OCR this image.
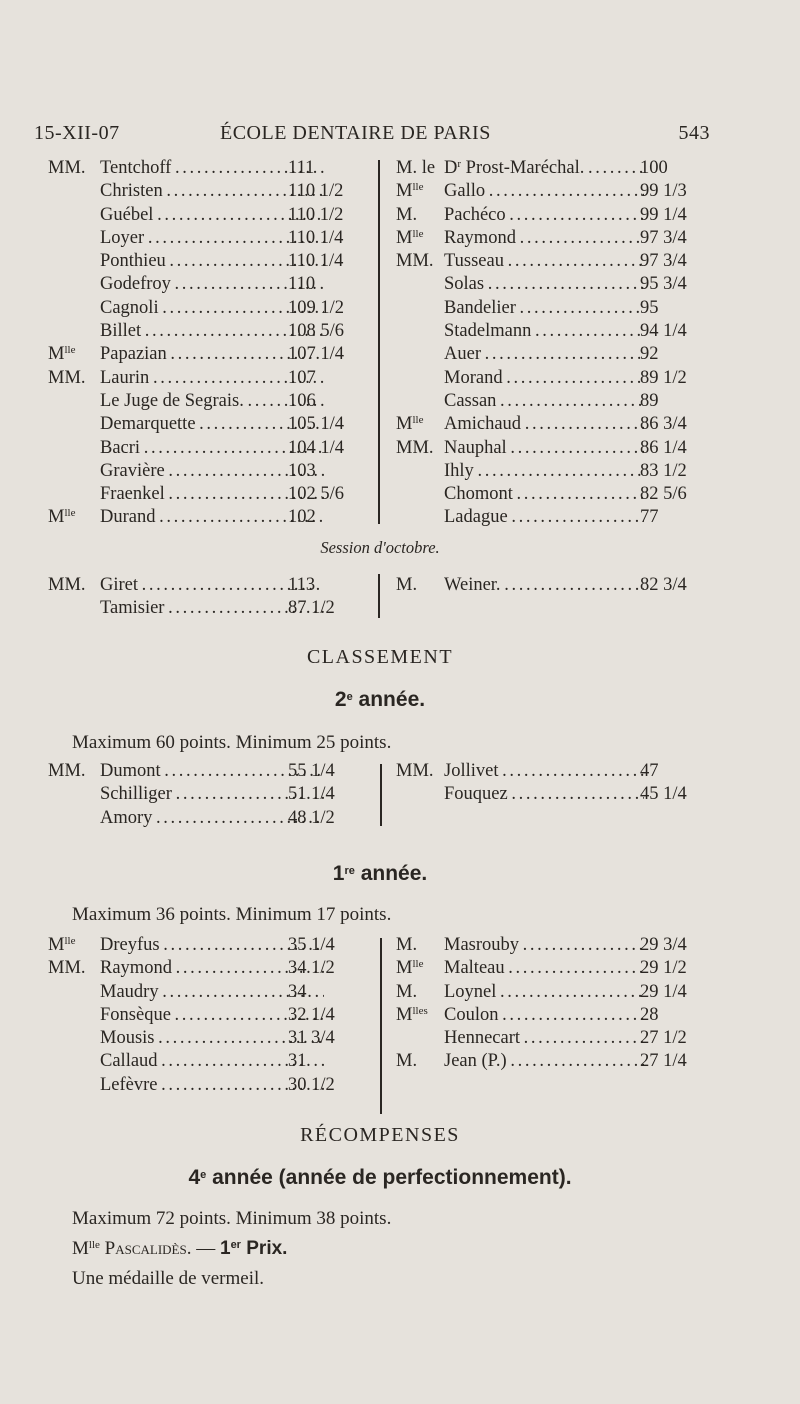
15-XII-07	ÉCOLE DENTAIRE DE PARIS	543
MM. Tentchoff . . .	111
Christen . . .	110 1/2
Guébel . . .	110 1/2
Loyer . . .	110 1/4
Ponthieu . . .	110 1/4
Godefroy . . .	110
Cagnoli . . .	109 1/2
Billet . . .	108 5/6
$M^{lle}$ Papazian . . .	107 1/4
MM. Laurin . . .	107
Le Juge de Segrais. . . .	106
Demarquette . . .	105 1/4
Bacri . . .	104 1/4
Gravière . . .	103
Fraenkel . . .	102 5/6
$M^{lle}$ Durand . . .	102
M. le $D^r$ Prost-Maréchal. . . .	100
$M^{lle}$ Gallo . . .	99 1/3
M. Pachéco . . .	99 1/4
$M^{lle}$ Raymond . . .	97 3/4
MM. Tusseau . . .	97 3/4
Solas . . .	95 3/4
Bandelier . . .	95
Stadelmann . . .	94 1/4
Auer . . .	92
Morand . . .	89 1/2
Cassan . . .	89
$M^{lle}$ Amichaud . . .	86 3/4
MM. Nauphal . . .	86 1/4
Ihly . . .	83 1/2
Chomont . . .	82 5/6
Ladague . . .	77
Session d'octobre.
MM. Giret . . .	113
Tamisier . . .	87 1/2
M. Weiner. . . .	82 3/4
CLASSEMENT
2e année.
Maximum 60 points. Minimum 25 points.
MM. Dumont . . .	55 1/4
Schilliger . . .	51 1/4
Amory . . .	48 1/2
MM. Jollivet . . .	47
Fouquez . . .	45 1/4
1re année.
Maximum 36 points. Minimum 17 points.
$M^{lle}$ Dreyfus . . .	35 1/4
MM. Raymond . . .	34 1/2
Maudry . . .	34
Fonsèque . . .	32 1/4
Mousis . . .	31 3/4
Callaud . . .	31
Lefèvre . . .	30 1/2
M. Masrouby . . .	29 3/4
$M^{lle}$ Malteau . . .	29 1/2
M. Loynel . . .	29 1/4
$M^{lles}$ Coulon . . .	28
Hennecart . . .	27 1/2
M. Jean (P.) . . .	27 1/4
RÉCOMPENSES
4e année (année de perfectionnement).
Maximum 72 points. Minimum 38 points.
$M^{lle}$ Pascalidès. — 1er Prix.
Une médaille de vermeil.
